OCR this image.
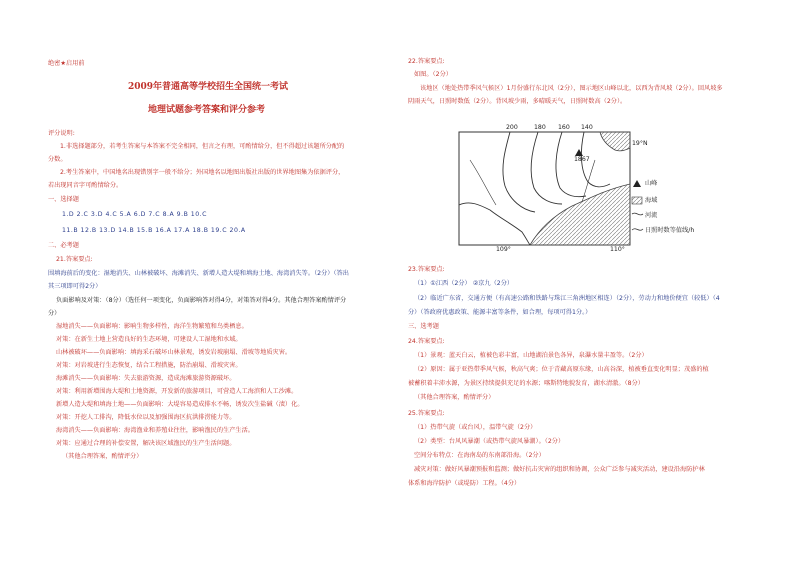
绝密★启用前
2009年普通高等学校招生全国统一考试
地理试题参考答案和评分参考
评分说明:
1.非选择题部分，若考生答案与本答案不完全相同，但言之有理，可酌情给分，但不得超过该题所分配的
分数。
2.考生答案中，中国地名出现错别字一般不给分；外国地名以地图出版社出版的世界地图集为依据评分，
若出现同音字可酌情给分。
一、选择题
1.D 2.C 3.D 4.C 5.A 6.D 7.C 8.A 9.B 10.C
11.B 12.B 13.D 14.B 15.B 16.A 17.A 18.B 19.C 20.A
二、必考题
21.答案要点:
围填海前后的变化：湿地消失、山林被破坏、海滩消失、新增人造大堤和填海土地、海湾消失等。（2分）（答出
其三项即可得2分）
负面影响及对策：（8分）（选任何一项变化，负面影响答对得4分，对策答对得4分。其他合理答案酌情评分
分）
湿地消失——负面影响：影响生物多样性，海洋生物繁殖和鸟类栖息。
对策：在新生土地上营造良好的生态环境，可建设人工湿地和水域。
山林被破坏——负面影响：填海采石破坏山林景观，诱发岩坡崩塌、滑坡等地质灾害。
对策：对岩坡进行生态恢复，结合工程措施，防治崩塌、滑坡灾害。
海滩消失——负面影响：失去旅游资源，造成海滩旅游资源破坏。
对策：利用新增围海大堤和土地资源，开发新的旅游项目，可营造人工海滨和人工沙滩。
新增人造大堤和填海土地——负面影响：大堤容易造成排水不畅，诱发次生盐碱（渍）化。
对策：开挖人工排沟，降低水位以及加强围海区抗洪排涝能力等。
海湾消失——负面影响：海湾渔业和养殖业往往，影响渔民的生产生活。
对策：应通过合理的补偿安置，解决该区域渔民的生产生活问题。
（其他合理答案，酌情评分）
22.答案要点:
如图。（2分）
该地区（地处热带季风气候区）1月份盛行东北风（2分），图示地区山峰以北，以西为背风坡（2分）。回风坡多
阴雨天气，日照时数低（2分）。背风坡少雨，多晴暖天气，日照时数高（2分）。
200	180 160 140
19°N
1867
109°	110°
山峰
海域
河流
日照时数等值线/h
23.答案要点:
（1）①江西（2分） ②京九（2分）
（2）临近广东省，交通方便（有高速公路和铁路与珠江三角洲地区相连）（2分），劳动力和地价便宜（较低）（4
分）（答政府优惠政策、能源丰富等条件，如合理，每项可得1分。）
三、选考题
24.答案要点:
（1）景观：蓝天白云，植被色彩丰富，山地湖泊景色各异，泉瀑水量丰盈等。（2分）
（2）原因：属于亚热带季风气候，秋高气爽；位于青藏高原东缘，山高谷深，植被垂直变化明显；茂盛的植
被蓄积着丰沛水源，为景区持续提供充足的水源；喀斯特地貌发育，湖水清澈。（8分）
（其他合理答案，酌情评分）
25.答案要点:
（1）热带气旋（或台风），温带气旋（2分）
（2）类型：台风风暴潮（或热带气旋风暴潮）。（2分）
空间分布特点：在海南岛的东南部沿海。（2分）
减灾对策：做好风暴潮预报和监测；做好抗击灾害的组织和协调，公众广泛参与减灾活动，建设沿海防护林
体系和海岸防护（或堤防）工程。（4分）
